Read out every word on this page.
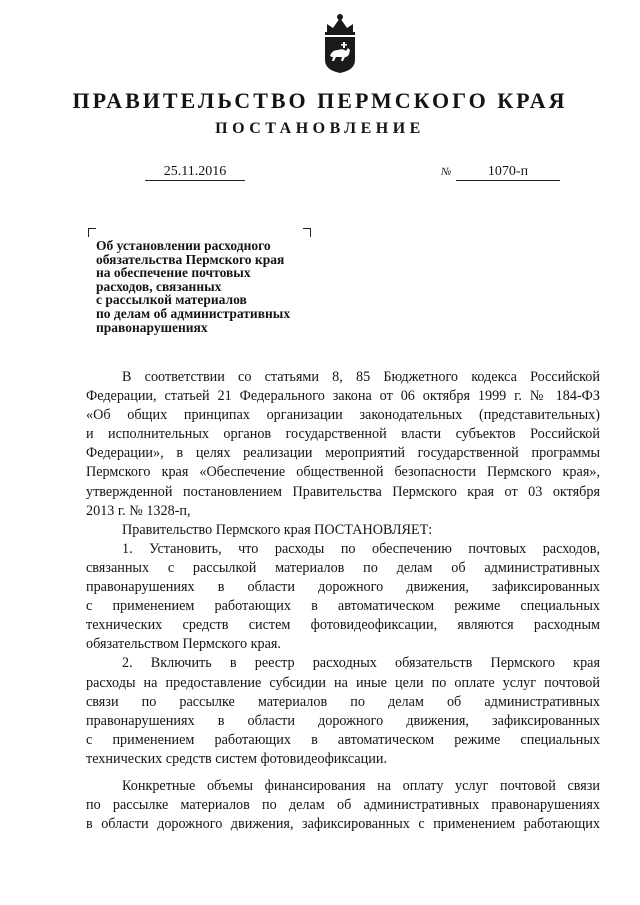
ПРАВИТЕЛЬСТВО ПЕРМСКОГО КРАЯ
ПОСТАНОВЛЕНИЕ
25.11.2016	№	1070-п
Об установлении расходного
обязательства Пермского края
на обеспечение почтовых
расходов, связанных
с рассылкой материалов
по делам об административных
правонарушениях
В соответствии со статьями 8, 85 Бюджетного кодекса Российской
Федерации, статьей 21 Федерального закона от 06 октября 1999 г. № 184-ФЗ
«Об общих принципах организации законодательных (представительных)
и исполнительных органов государственной власти субъектов Российской
Федерации», в целях реализации мероприятий государственной программы
Пермского края «Обеспечение общественной безопасности Пермского края»,
утвержденной постановлением Правительства Пермского края от 03 октября
2013 г. № 1328-п,
Правительство Пермского края ПОСТАНОВЛЯЕТ:
1. Установить, что расходы по обеспечению почтовых расходов,
связанных с рассылкой материалов по делам об административных
правонарушениях в области дорожного движения, зафиксированных
с применением работающих в автоматическом режиме специальных
технических средств систем фотовидеофиксации, являются расходным
обязательством Пермского края.
2. Включить в реестр расходных обязательств Пермского края
расходы на предоставление субсидии на иные цели по оплате услуг почтовой
связи по рассылке материалов по делам об административных
правонарушениях в области дорожного движения, зафиксированных
с применением работающих в автоматическом режиме специальных
технических средств систем фотовидеофиксации.
Конкретные объемы финансирования на оплату услуг почтовой связи
по рассылке материалов по делам об административных правонарушениях
в области дорожного движения, зафиксированных с применением работающих
